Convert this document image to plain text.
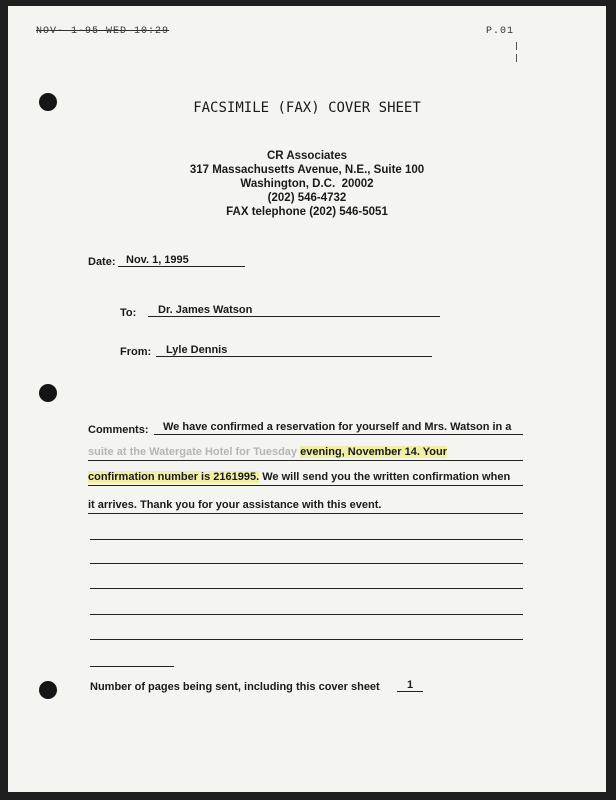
NOV- 1-95 WED 10:29	P.01
FACSIMILE (FAX) COVER SHEET
CR Associates
317 Massachusetts Avenue, N.E., Suite 100
Washington, D.C.  20002
(202) 546-4732
FAX telephone (202) 546-5051
Date: Nov. 1, 1995
To: Dr. James Watson
From: Lyle Dennis
Comments: We have confirmed a reservation for yourself and Mrs. Watson in a
suite at the Watergate Hotel for Tuesday evening, November 14. Your
confirmation number is 2161995. We will send you the written confirmation when
it arrives. Thank you for your assistance with this event.
Number of pages being sent, including this cover sheet 1
